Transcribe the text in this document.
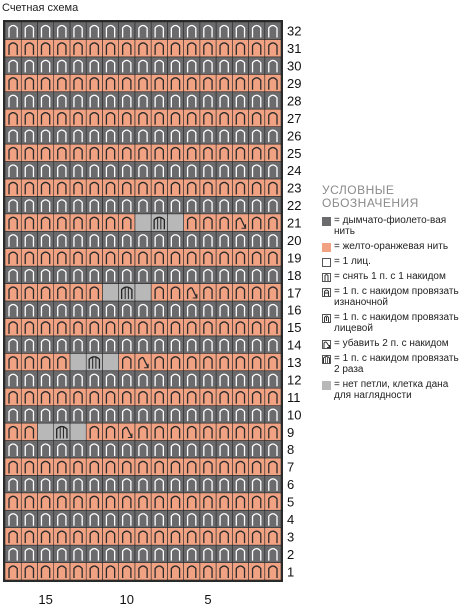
Счетная схема
1
2
3
4
5
6
7
8
9
10
11
12
13
14
15
16
17
18
19
20
21
22
23
24
25
26
27
28
29
30
31
32
15	10	5
УСЛОВНЫЕ
ОБОЗНАЧЕНИЯ
= дымчато-фиолето-вая нить
= желто-оранжевая нить
= 1 лиц.
= снять 1 п. с 1 накидом
= 1 п. с накидом провязать изнаночной
= 1 п. с накидом провязать лицевой
= убавить 2 п. с накидом
= 1 п. с накидом провязать 2 раза
= нет петли, клетка дана для наглядности
